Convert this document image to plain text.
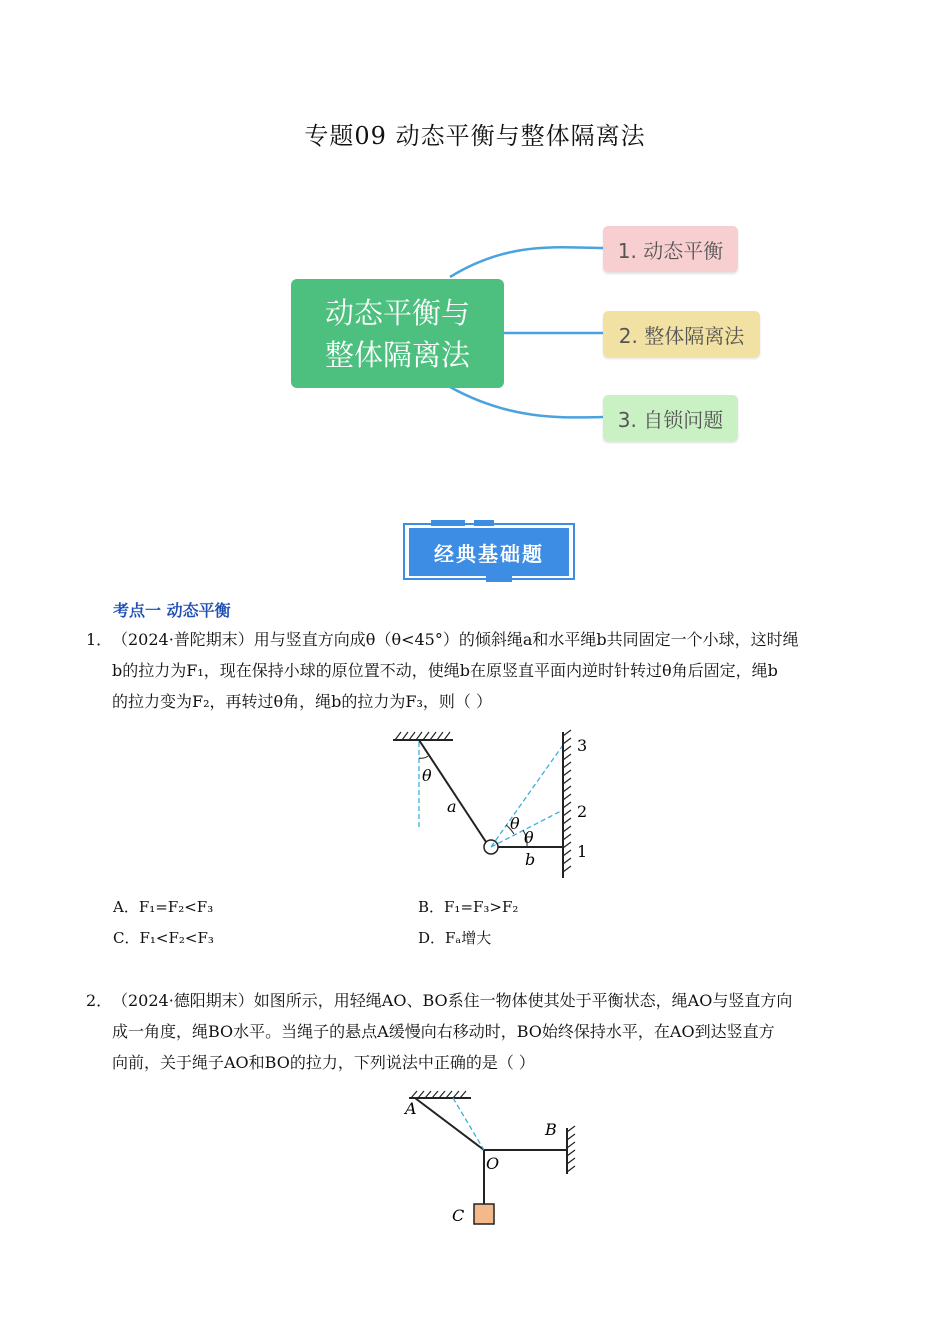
专题09 动态平衡与整体隔离法
动态平衡与
整体隔离法
1. 动态平衡
2. 整体隔离法
3. 自锁问题
经典基础题
考点一 动态平衡
1． （2024·普陀期末）用与竖直方向成θ（θ<45°）的倾斜绳a和水平绳b共同固定一个小球，这时绳
b的拉力为F₁，现在保持小球的原位置不动，使绳b在原竖直平面内逆时针转过θ角后固定，绳b
的拉力变为F₂，再转过θ角，绳b的拉力为F₃，则（ ）
θ
a
θ
θ
b
3
2
1
A．F₁=F₂<F₃	B．F₁=F₃>F₂
C．F₁<F₂<F₃	D．Fₐ增大
2． （2024·德阳期末）如图所示，用轻绳AO、BO系住一物体使其处于平衡状态，绳AO与竖直方向
成一角度，绳BO水平。当绳子的悬点A缓慢向右移动时，BO始终保持水平，在AO到达竖直方
向前，关于绳子AO和BO的拉力，下列说法中正确的是（ ）
A
B
O
C
